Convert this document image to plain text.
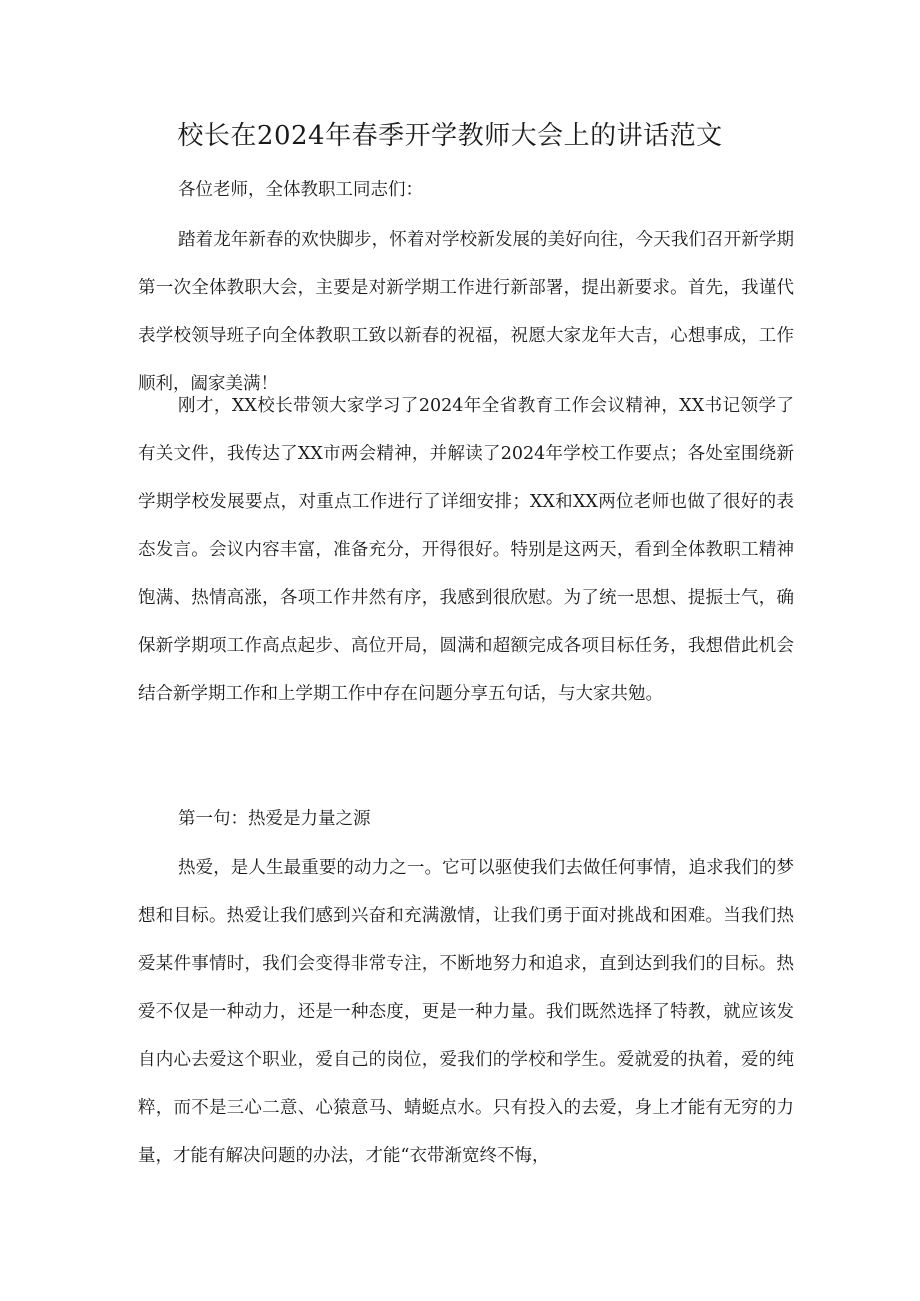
校长在2024年春季开学教师大会上的讲话范文

各位老师，全体教职工同志们：

踏着龙年新春的欢快脚步，怀着对学校新发展的美好向往，今天我们召开新学期第一次全体教职大会，主要是对新学期工作进行新部署，提出新要求。首先，我谨代表学校领导班子向全体教职工致以新春的祝福，祝愿大家龙年大吉，心想事成，工作顺利，阖家美满！

刚才，XX校长带领大家学习了2024年全省教育工作会议精神，XX书记领学了有关文件，我传达了XX市两会精神，并解读了2024年学校工作要点；各处室围绕新学期学校发展要点，对重点工作进行了详细安排；XX和XX两位老师也做了很好的表态发言。会议内容丰富，准备充分，开得很好。特别是这两天，看到全体教职工精神饱满、热情高涨，各项工作井然有序，我感到很欣慰。为了统一思想、提振士气，确保新学期项工作高点起步、高位开局，圆满和超额完成各项目标任务，我想借此机会结合新学期工作和上学期工作中存在问题分享五句话，与大家共勉。

第一句：热爱是力量之源

热爱，是人生最重要的动力之一。它可以驱使我们去做任何事情，追求我们的梦想和目标。热爱让我们感到兴奋和充满激情，让我们勇于面对挑战和困难。当我们热爱某件事情时，我们会变得非常专注，不断地努力和追求，直到达到我们的目标。热爱不仅是一种动力，还是一种态度，更是一种力量。我们既然选择了特教，就应该发自内心去爱这个职业，爱自己的岗位，爱我们的学校和学生。爱就爱的执着，爱的纯粹，而不是三心二意、心猿意马、蜻蜓点水。只有投入的去爱，身上才能有无穷的力量，才能有解决问题的办法，才能“衣带渐宽终不悔，
